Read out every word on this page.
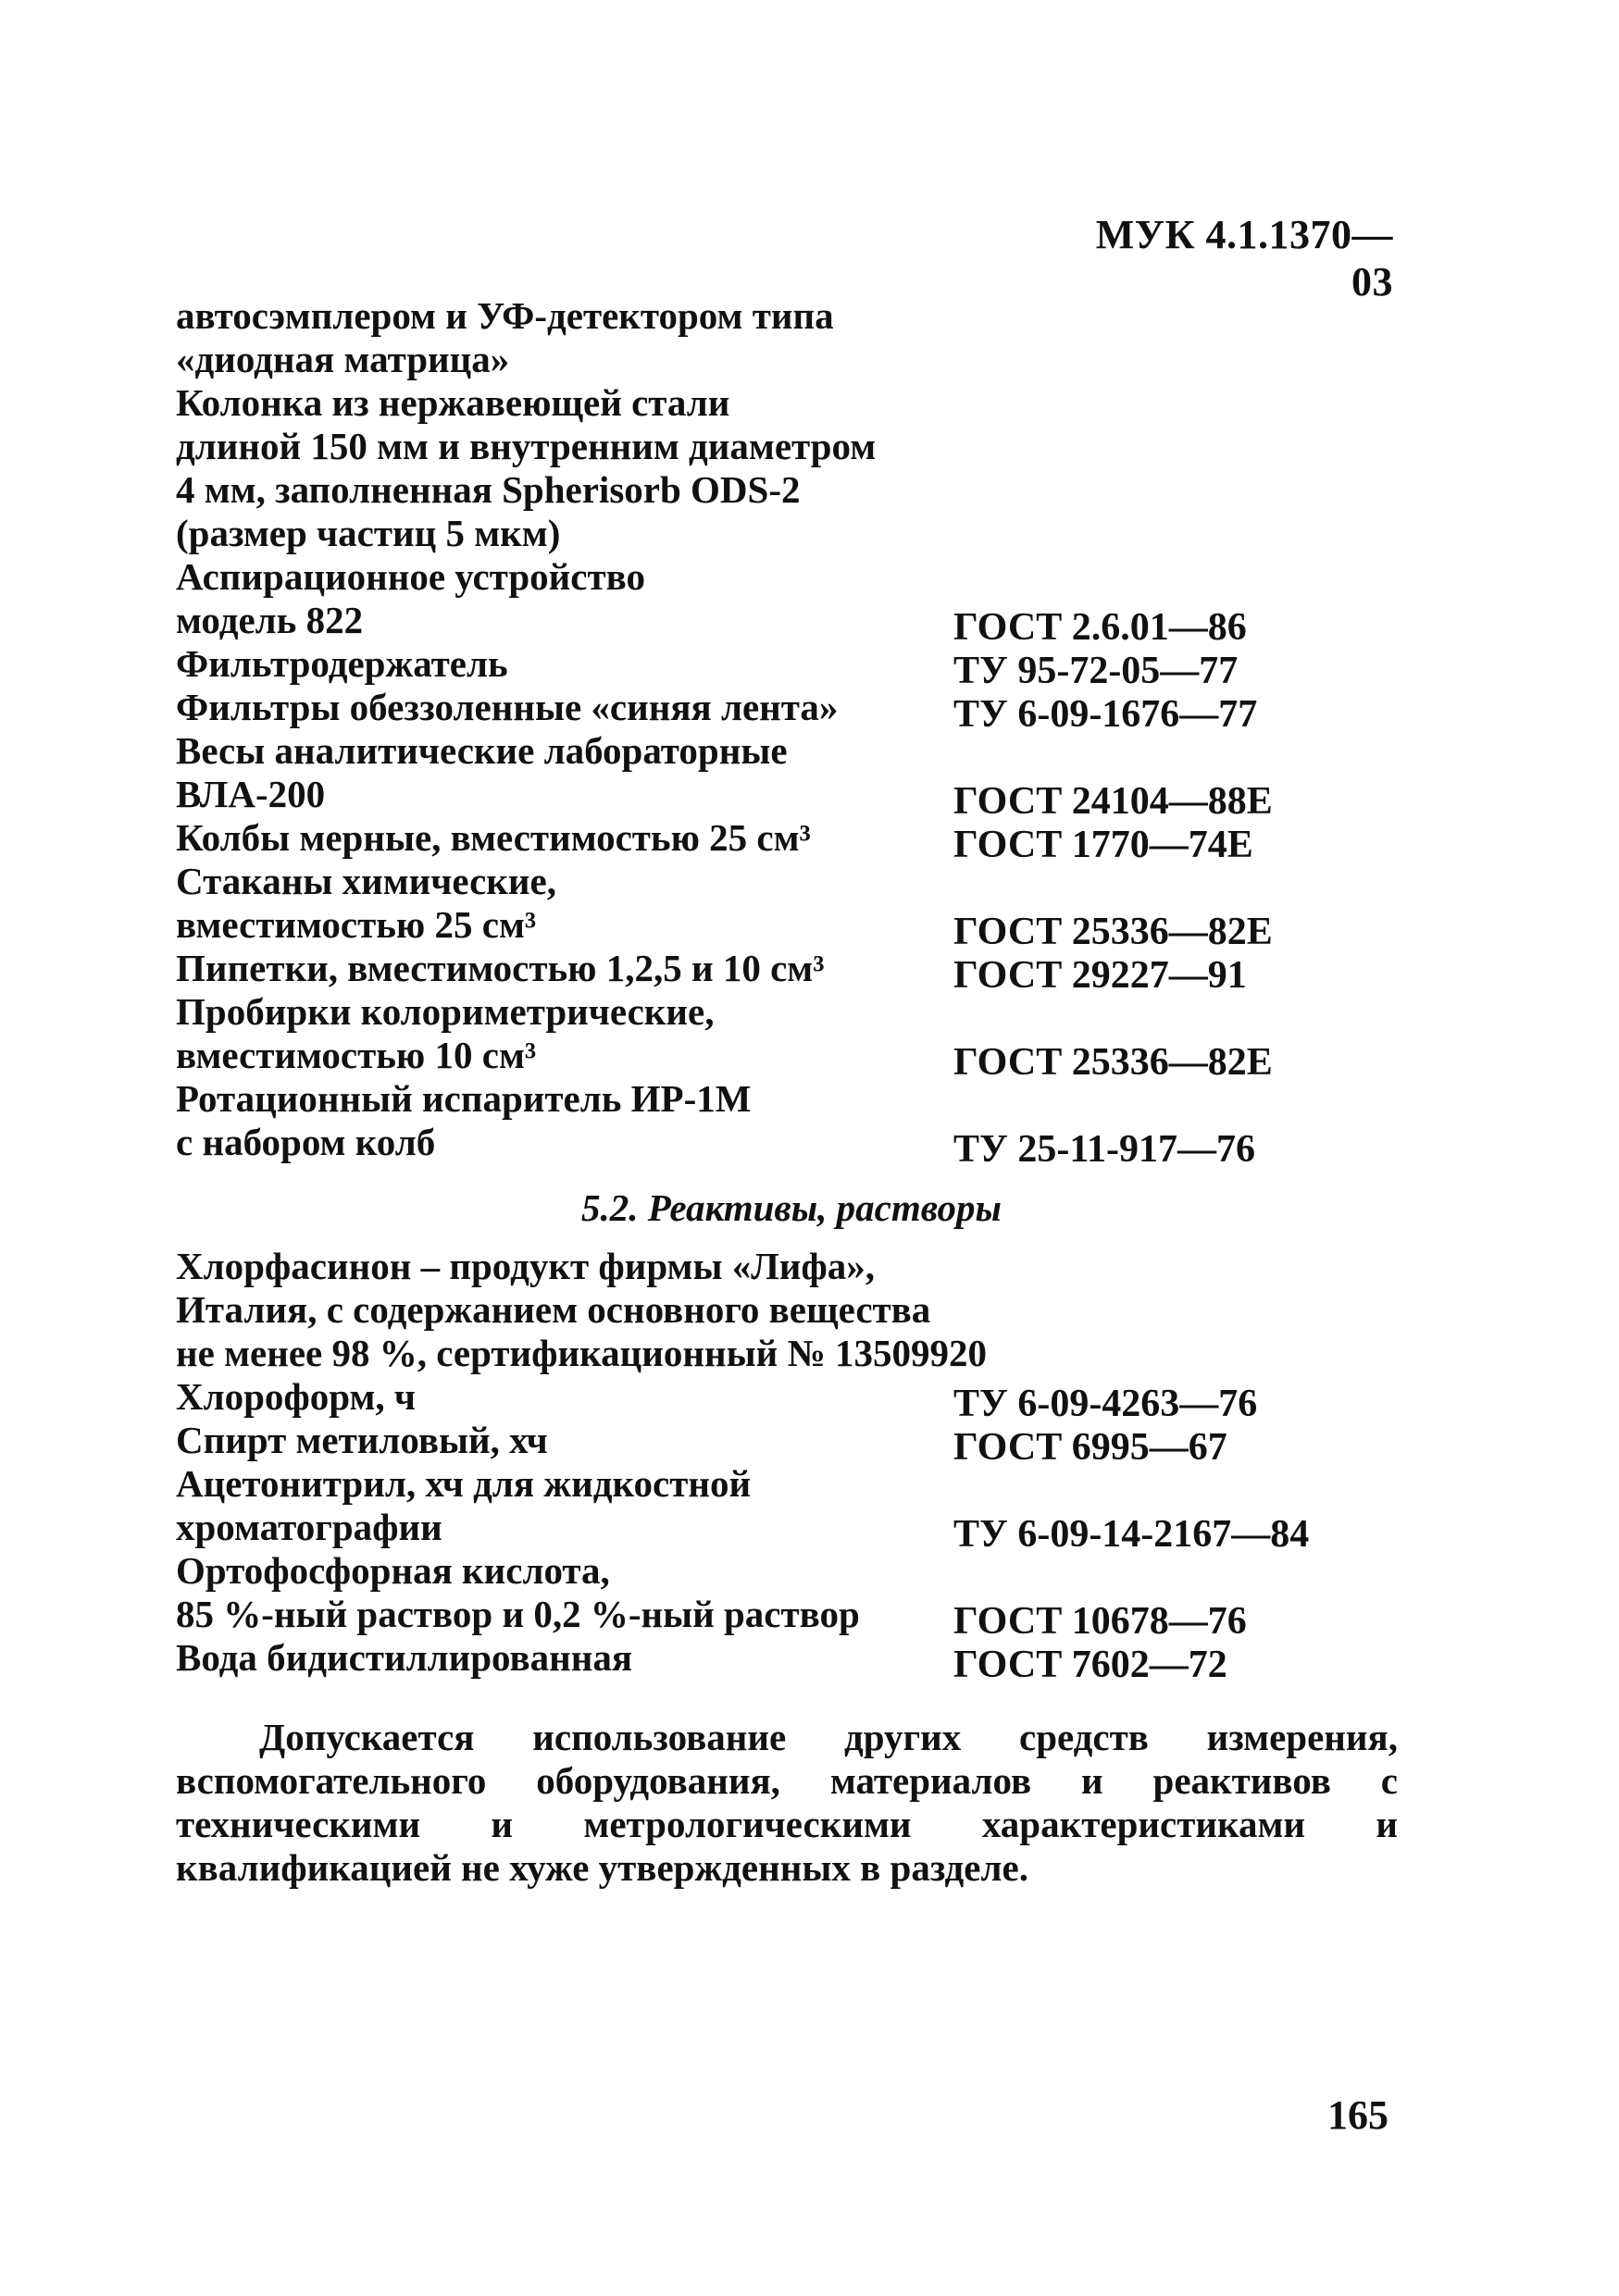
МУК 4.1.1370—03
автосэмплером и УФ-детектором типа
«диодная матрица»
Колонка из нержавеющей стали
длиной 150 мм и внутренним диаметром
4 мм, заполненная Spherisorb ODS-2
(размер частиц 5 мкм)
Аспирационное устройство
модель 822	ГОСТ 2.6.01—86
Фильтродержатель	ТУ 95-72-05—77
Фильтры обеззоленные «синяя лента»	ТУ 6-09-1676—77
Весы аналитические лабораторные
ВЛА-200	ГОСТ 24104—88Е
Колбы мерные, вместимостью 25 см³	ГОСТ 1770—74Е
Стаканы химические,
вместимостью 25 см³	ГОСТ 25336—82Е
Пипетки, вместимостью 1,2,5 и 10 см³	ГОСТ 29227—91
Пробирки колориметрические,
вместимостью 10 см³	ГОСТ 25336—82Е
Ротационный испаритель ИР-1М
с набором колб	ТУ 25-11-917—76
5.2. Реактивы, растворы
Хлорфасинон – продукт фирмы «Лифа»,
Италия, с содержанием основного вещества
не менее 98 %, сертификационный № 13509920
Хлороформ, ч	ТУ 6-09-4263—76
Спирт метиловый, хч	ГОСТ 6995—67
Ацетонитрил, хч для жидкостной
хроматографии	ТУ 6-09-14-2167—84
Ортофосфорная кислота,
85 %-ный раствор и 0,2 %-ный раствор ГОСТ 10678—76
Вода бидистиллированная	ГОСТ 7602—72
Допускается использование других средств измерения, вспомогательного оборудования, материалов и реактивов с техническими и метрологическими характеристиками и квалификацией не хуже утвержденных в разделе.
165
